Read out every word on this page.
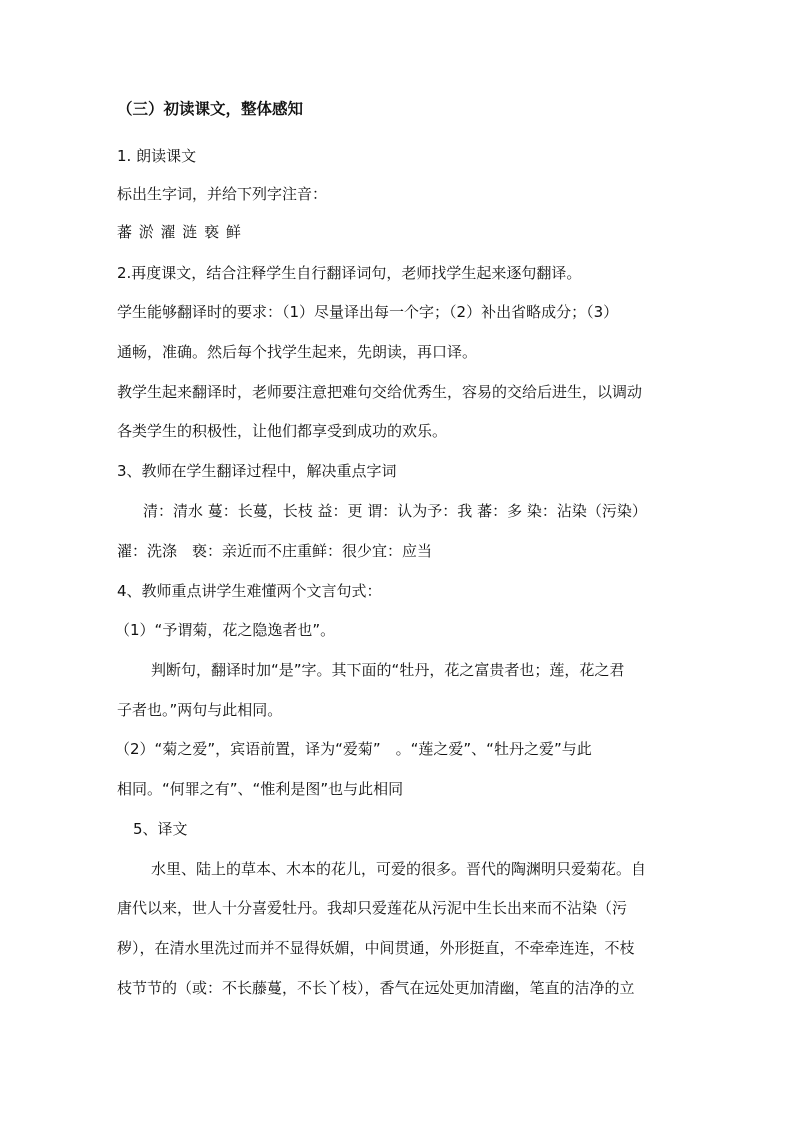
（三）初读课文，整体感知
1. 朗读课文
标出生字词，并给下列字注音：
蕃 淤 濯 涟 亵 鲜
2.再度课文，结合注释学生自行翻译词句，老师找学生起来逐句翻译。
学生能够翻译时的要求：（1）尽量译出每一个字；（2）补出省略成分；（3）
通畅，准确。然后每个找学生起来，先朗读，再口译。
教学生起来翻译时，老师要注意把难句交给优秀生，容易的交给后进生，以调动
各类学生的积极性，让他们都享受到成功的欢乐。
3、教师在学生翻译过程中，解决重点字词
清：清水 蔓：长蔓，长枝 益：更 谓：认为予：我 蕃：多 染：沾染（污染）
濯：洗涤　亵：亲近而不庄重鲜：很少宜：应当
4、教师重点讲学生难懂两个文言句式：
（1）“予谓菊，花之隐逸者也”。
判断句，翻译时加“是”字。其下面的“牡丹，花之富贵者也；莲，花之君
子者也。”两句与此相同。
（2）“菊之爱”，宾语前置，译为“爱菊”　。“莲之爱”、“牡丹之爱”与此
相同。“何罪之有”、“惟利是图”也与此相同
5、译文
水里、陆上的草本、木本的花儿，可爱的很多。晋代的陶渊明只爱菊花。自
唐代以来，世人十分喜爱牡丹。我却只爱莲花从污泥中生长出来而不沾染（污
秽），在清水里洗过而并不显得妖媚，中间贯通，外形挺直，不牵牵连连，不枝
枝节节的（或：不长藤蔓，不长丫枝），香气在远处更加清幽，笔直的洁净的立
